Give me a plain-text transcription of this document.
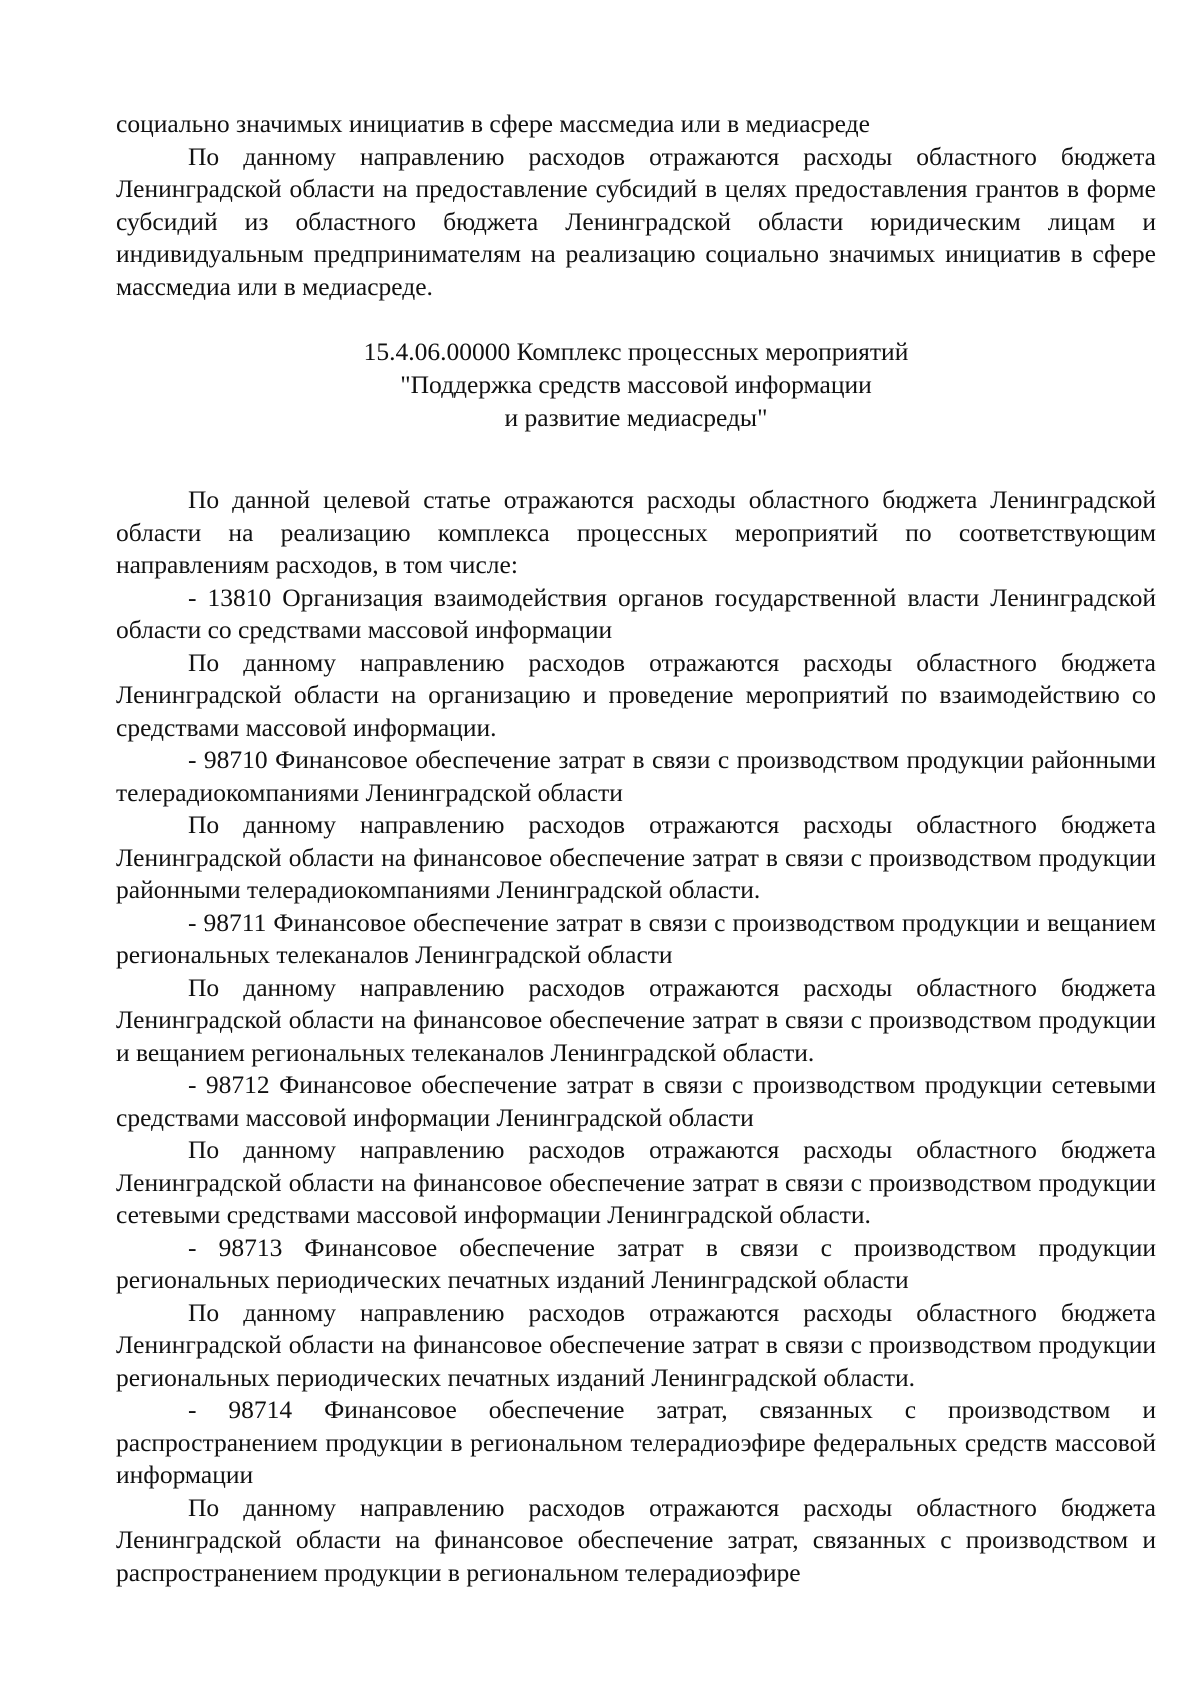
социально значимых инициатив в сфере массмедиа или в медиасреде

По данному направлению расходов отражаются расходы областного бюджета Ленинградской области на предоставление субсидий в целях предоставления грантов в форме субсидий из областного бюджета Ленинградской области юридическим лицам и индивидуальным предпринимателям на реализацию социально значимых инициатив в сфере массмедиа или в медиасреде.

15.4.06.00000 Комплекс процессных мероприятий

"Поддержка средств массовой информации

и развитие медиасреды"

По данной целевой статье отражаются расходы областного бюджета Ленинградской области на реализацию комплекса процессных мероприятий по соответствующим направлениям расходов, в том числе:

- 13810 Организация взаимодействия органов государственной власти Ленинградской области со средствами массовой информации

По данному направлению расходов отражаются расходы областного бюджета Ленинградской области на организацию и проведение мероприятий по взаимодействию со средствами массовой информации.

- 98710 Финансовое обеспечение затрат в связи с производством продукции районными телерадиокомпаниями Ленинградской области

По данному направлению расходов отражаются расходы областного бюджета Ленинградской области на финансовое обеспечение затрат в связи с производством продукции районными телерадиокомпаниями Ленинградской области.

- 98711 Финансовое обеспечение затрат в связи с производством продукции и вещанием региональных телеканалов Ленинградской области

По данному направлению расходов отражаются расходы областного бюджета Ленинградской области на финансовое обеспечение затрат в связи с производством продукции и вещанием региональных телеканалов Ленинградской области.

- 98712 Финансовое обеспечение затрат в связи с производством продукции сетевыми средствами массовой информации Ленинградской области

По данному направлению расходов отражаются расходы областного бюджета Ленинградской области на финансовое обеспечение затрат в связи с производством продукции сетевыми средствами массовой информации Ленинградской области.

- 98713 Финансовое обеспечение затрат в связи с производством продукции региональных периодических печатных изданий Ленинградской области

По данному направлению расходов отражаются расходы областного бюджета Ленинградской области на финансовое обеспечение затрат в связи с производством продукции региональных периодических печатных изданий Ленинградской области.

- 98714 Финансовое обеспечение затрат, связанных с производством и распространением продукции в региональном телерадиоэфире федеральных средств массовой информации

По данному направлению расходов отражаются расходы областного бюджета Ленинградской области на финансовое обеспечение затрат, связанных с производством и распространением продукции в региональном телерадиоэфире
